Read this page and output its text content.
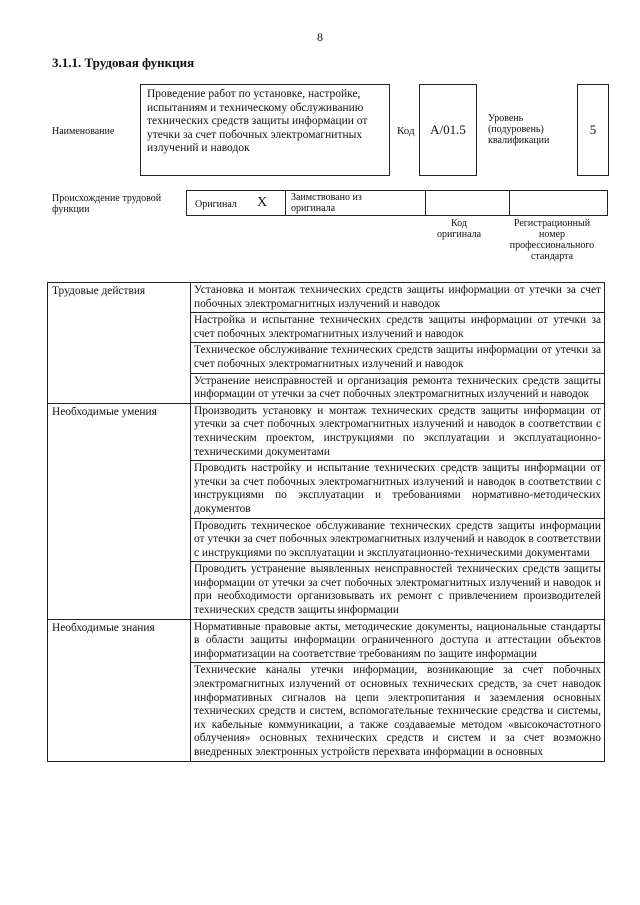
8
3.1.1. Трудовая функция
Наименование
Проведение работ по установке, настройке, испытаниям и техническому обслуживанию технических средств защиты информации от утечки за счет побочных электромагнитных излучений и наводок
Код А/01.5
Уровень (подуровень) квалификации
5
Происхождение трудовой функции	Оригинал X Заимствовано из оригинала
Код оригинала
Регистрационный номер профессионального стандарта
Трудовые действия	Установка и монтаж технических средств защиты информации от утечки за счет побочных электромагнитных излучений и наводок
	Настройка и испытание технических средств защиты информации от утечки за счет побочных электромагнитных излучений и наводок
	Техническое обслуживание технических средств защиты информации от утечки за счет побочных электромагнитных излучений и наводок
	Устранение неисправностей и организация ремонта технических средств защиты информации от утечки за счет побочных электромагнитных излучений и наводок
Необходимые умения	Производить установку и монтаж технических средств защиты информации от утечки за счет побочных электромагнитных излучений и наводок в соответствии с техническим проектом, инструкциями по эксплуатации и эксплуатационно-техническими документами
	Проводить настройку и испытание технических средств защиты информации от утечки за счет побочных электромагнитных излучений и наводок в соответствии с инструкциями по эксплуатации и требованиями нормативно-методических документов
	Проводить техническое обслуживание технических средств защиты информации от утечки за счет побочных электромагнитных излучений и наводок в соответствии с инструкциями по эксплуатации и эксплуатационно-техническими документами
	Проводить устранение выявленных неисправностей технических средств защиты информации от утечки за счет побочных электромагнитных излучений и наводок и при необходимости организовывать их ремонт с привлечением производителей технических средств защиты информации
Необходимые знания	Нормативные правовые акты, методические документы, национальные стандарты в области защиты информации ограниченного доступа и аттестации объектов информатизации на соответствие требованиям по защите информации
	Технические каналы утечки информации, возникающие за счет побочных электромагнитных излучений от основных технических средств, за счет наводок информативных сигналов на цепи электропитания и заземления основных технических средств и систем, вспомогательные технические средства и системы, их кабельные коммуникации, а также создаваемые методом «высокочастотного облучения» основных технических средств и систем и за счет возможно внедренных электронных устройств перехвата информации в основных
